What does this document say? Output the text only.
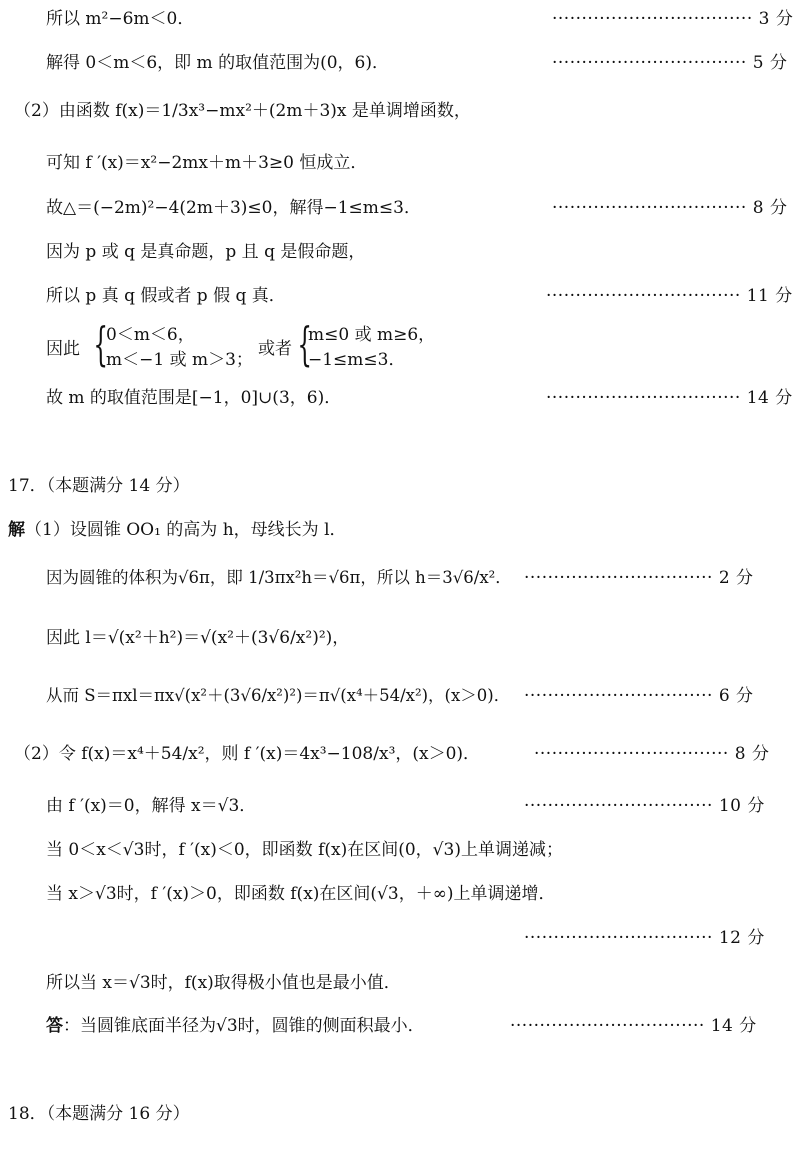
所以 m²−6m＜0．	·································· 3 分
解得 0＜m＜6，即 m 的取值范围为(0，6)．	································· 5 分
（2）由函数 f(x)＝1/3x³−mx²＋(2m＋3)x 是单调增函数，
可知 f ′(x)＝x²−2mx＋m＋3≥0 恒成立．
故△＝(−2m)²−4(2m＋3)≤0，解得−1≤m≤3．	································· 8 分
因为 p 或 q 是真命题，p 且 q 是假命题，
所以 p 真 q 假或者 p 假 q 真．	································· 11 分
因此 {
0＜m＜6，
m＜−1 或 m＞3；
或者 {
m≤0 或 m≥6，
−1≤m≤3．
故 m 的取值范围是[−1，0]∪(3，6)．	································· 14 分
17．（本题满分 14 分）
解（1）设圆锥 OO₁ 的高为 h，母线长为 l．
因为圆锥的体积为√6π，即 1/3πx²h＝√6π，所以 h＝3√6/x²． ································ 2 分
因此 l＝√(x²＋h²)＝√(x²＋(3√6/x²)²)，
从而 S＝πxl＝πx√(x²＋(3√6/x²)²)＝π√(x⁴＋54/x²)，(x＞0)． ································ 6 分
（2）令 f(x)＝x⁴＋54/x²，则 f ′(x)＝4x³−108/x³，(x＞0)．	································· 8 分
由 f ′(x)＝0，解得 x＝√3．	································ 10 分
当 0＜x＜√3时，f ′(x)＜0，即函数 f(x)在区间(0，√3)上单调递减；
当 x＞√3时，f ′(x)＞0，即函数 f(x)在区间(√3，＋∞)上单调递增．
································ 12 分
所以当 x＝√3时，f(x)取得极小值也是最小值．
答：当圆锥底面半径为√3时，圆锥的侧面积最小．	································· 14 分
18．（本题满分 16 分）
